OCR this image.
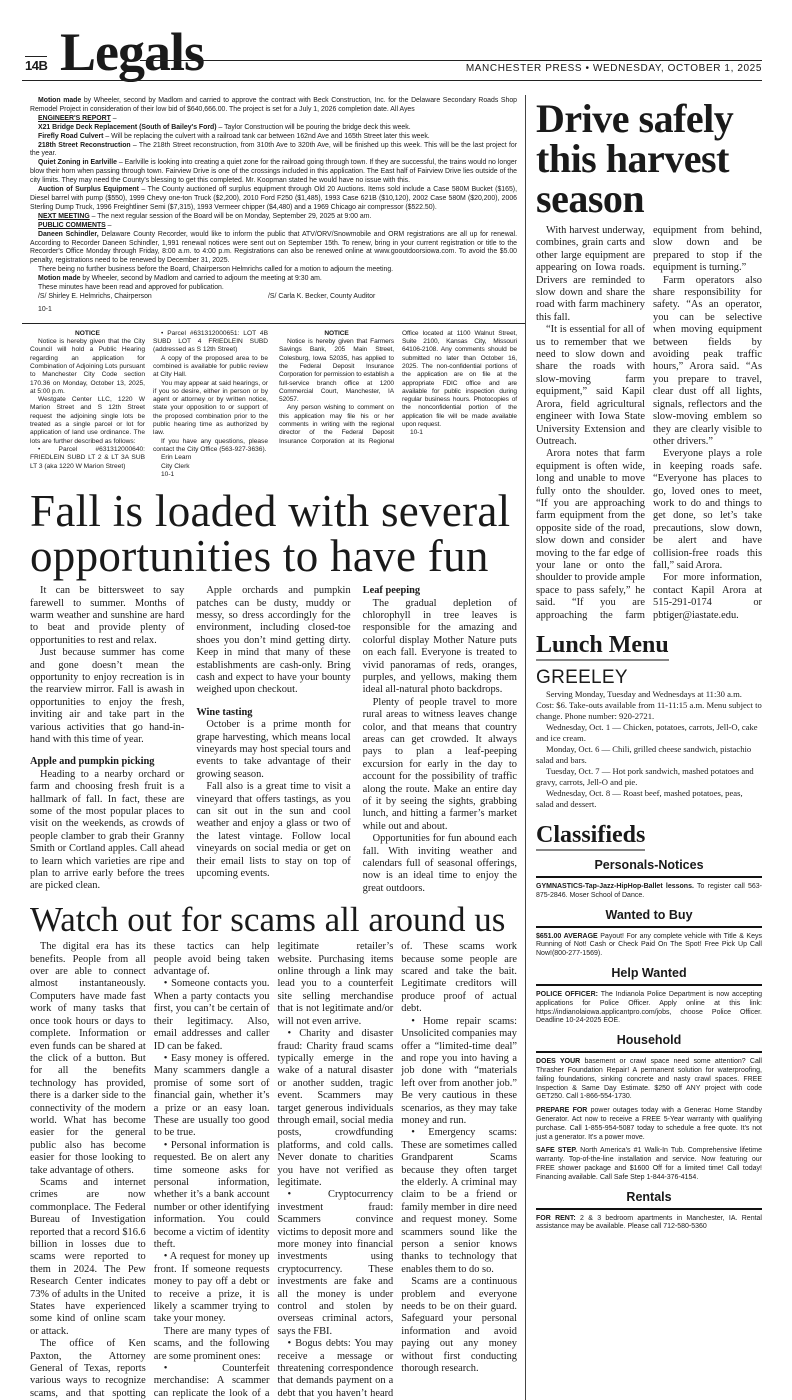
14B Legals	MANCHESTER PRESS • WEDNESDAY, OCTOBER 1, 2025

Motion made by Wheeler, second by Madlom and carried to approve the contract with Beck Construction, Inc. for the Delaware Secondary Roads Shop Remodel Project in consideration of their low bid of $640,666.00. The project is set for a July 1, 2026 completion date. All Ayes

ENGINEER'S REPORT –

X21 Bridge Deck Replacement (South of Bailey's Ford) – Taylor Construction will be pouring the bridge deck this week.

Firefly Road Culvert – Will be replacing the culvert with a railroad tank car between 162nd Ave and 165th Street later this week.

218th Street Reconstruction – The 218th Street reconstruction, from 310th Ave to 320th Ave, will be finished up this week. This will be the last project for the year.

Quiet Zoning in Earlville – Earlville is looking into creating a quiet zone for the railroad going through town. If they are successful, the trains would no longer blow their horn when passing through town. Fairview Drive is one of the crossings included in this application. The East half of Fairview Drive lies outside of the city limits. They may need the County's blessing to get this completed. Mr. Koopman stated he would have no issue with this.

Auction of Surplus Equipment – The County auctioned off surplus equipment through Old 20 Auctions. Items sold include a Case 580M Bucket ($165), Diesel barrel with pump ($550), 1999 Chevy one-ton Truck ($2,200), 2010 Ford F250 ($1,485), 1993 Case 621B ($10,120), 2002 Case 580M ($20,200), 2006 Sterling Dump Truck, 1996 Freightliner Semi ($7,315), 1993 Vermeer chipper ($4,480) and a 1969 Chicago air compressor ($522.50).

NEXT MEETING – The next regular session of the Board will be on Monday, September 29, 2025 at 9:00 am.

PUBLIC COMMENTS –

Daneen Schindler, Delaware County Recorder, would like to inform the public that ATV/ORV/Snowmobile and ORM registrations are all up for renewal. According to Recorder Daneen Schindler, 1,991 renewal notices were sent out on September 15th. To renew, bring in your current registration or title to the Recorder's Office Monday through Friday, 8:00 a.m. to 4:00 p.m. Registrations can also be renewed online at www.gooutdoorsiowa.com. To avoid the $5.00 penalty, registrations need to be renewed by December 31, 2025.

There being no further business before the Board, Chairperson Helmrichs called for a motion to adjourn the meeting.

Motion made by Wheeler, second by Madlom and carried to adjourn the meeting at 9:30 am.

These minutes have been read and approved for publication.

/S/ Shirley E. Helmrichs, Chairperson	/S/ Carla K. Becker, County Auditor

10-1

NOTICE

Notice is hereby given that the City Council will hold a Public Hearing regarding an application for Combination of Adjoining Lots pursuant to Manchester City Code section 170.36 on Monday, October 13, 2025, at 5:00 p.m.

Westgate Center LLC, 1220 W Marion Street and S 12th Street request the adjoining single lots be treated as a single parcel or lot for application of land use ordinance. The lots are further described as follows:

• Parcel #631312000640: FRIEDLEIN SUBD LT 2 & LT 3A SUB LT 3 (aka 1220 W Marion Street)

• Parcel #631312000651: LOT 4B SUBD LOT 4 FRIEDLEIN SUBD (addressed as S 12th Street)

A copy of the proposed area to be combined is available for public review at City Hall.

You may appear at said hearings, or if you so desire, either in person or by agent or attorney or by written notice, state your opposition to or support of the proposed combination prior to the public hearing time as authorized by law.

If you have any questions, please contact the City Office (563-927-3636).

Erin Learn

City Clerk

10-1

NOTICE

Notice is hereby given that Farmers Savings Bank, 205 Main Street, Colesburg, Iowa 52035, has applied to the Federal Deposit Insurance Corporation for permission to establish a full-service branch office at 1200 Commercial Court, Manchester, IA 52057.

Any person wishing to comment on this application may file his or her comments in writing with the regional director of the Federal Deposit Insurance Corporation at its Regional Office located at 1100 Walnut Street, Suite 2100, Kansas City, Missouri 64106-2108. Any comments should be submitted no later than October 16, 2025. The non-confidential portions of the application are on file at the appropriate FDIC office and are available for public inspection during regular business hours. Photocopies of the nonconfidential portion of the application file will be made available upon request.

10-1

Fall is loaded with several opportunities to have fun

It can be bittersweet to say farewell to summer. Months of warm weather and sunshine are hard to beat and provide plenty of opportunities to rest and relax.

Just because summer has come and gone doesn’t mean the opportunity to enjoy recreation is in the rearview mirror. Fall is awash in opportunities to enjoy the fresh, inviting air and take part in the various activities that go hand-in-hand with this time of year.

Apple and pumpkin picking

Heading to a nearby orchard or farm and choosing fresh fruit is a hallmark of fall. In fact, these are some of the most popular places to visit on the weekends, as crowds of people clamber to grab their Granny Smith or Cortland apples. Call ahead to learn which varieties are ripe and plan to arrive early before the trees are picked clean.

Apple orchards and pumpkin patches can be dusty, muddy or messy, so dress accordingly for the environment, including closed-toe shoes you don’t mind getting dirty. Keep in mind that many of these establishments are cash-only. Bring cash and expect to have your bounty weighed upon checkout.

Wine tasting

October is a prime month for grape harvesting, which means local vineyards may host special tours and events to take advantage of their growing season.

Fall also is a great time to visit a vineyard that offers tastings, as you can sit out in the sun and cool weather and enjoy a glass or two of the latest vintage. Follow local vineyards on social media or get on their email lists to stay on top of upcoming events.

Leaf peeping

The gradual depletion of chlorophyll in tree leaves is responsible for the amazing and colorful display Mother Nature puts on each fall. Everyone is treated to vivid panoramas of reds, oranges, purples, and yellows, making them ideal all-natural photo backdrops.

Plenty of people travel to more rural areas to witness leaves change color, and that means that country areas can get crowded. It always pays to plan a leaf-peeping excursion for early in the day to account for the possibility of traffic along the route. Make an entire day of it by seeing the sights, grabbing lunch, and hitting a farmer’s market while out and about.

Opportunities for fun abound each fall. With inviting weather and calendars full of seasonal offerings, now is an ideal time to enjoy the great outdoors.

Watch out for scams all around us

The digital era has its benefits. People from all over are able to connect almost instantaneously. Computers have made fast work of many tasks that once took hours or days to complete. Information or even funds can be shared at the click of a button. But for all the benefits technology has provided, there is a darker side to the connectivity of the modern world. What has become easier for the general public also has become easier for those looking to take advantage of others.

Scams and internet crimes are now commonplace. The Federal Bureau of Investigation reported that a record $16.6 billion in losses due to scams were reported to them in 2024. The Pew Research Center indicates 73% of adults in the United States have experienced some kind of online scam or attack.

The office of Ken Paxton, the Attorney General of Texas, reports various ways to recognize scams, and that spotting these tactics can help people avoid being taken advantage of.

• Someone contacts you. When a party contacts you first, you can’t be certain of their legitimacy. Also, email addresses and caller ID can be faked.

• Easy money is offered. Many scammers dangle a promise of some sort of financial gain, whether it’s a prize or an easy loan. These are usually too good to be true.

• Personal information is requested. Be on alert any time someone asks for personal information, whether it’s a bank account number or other identifying information. You could become a victim of identity theft.

• A request for money up front. If someone requests money to pay off a debt or to receive a prize, it is likely a scammer trying to take your money.

There are many types of scams, and the following are some prominent ones:

• Counterfeit merchandise: A scammer can replicate the look of a legitimate retailer’s website. Purchasing items online through a link may lead you to a counterfeit site selling merchandise that is not legitimate and/or will not even arrive.

• Charity and disaster fraud: Charity fraud scams typically emerge in the wake of a natural disaster or another sudden, tragic event. Scammers may target generous individuals through email, social media posts, crowdfunding platforms, and cold calls. Never donate to charities you have not verified as legitimate.

• Cryptocurrency investment fraud: Scammers convince victims to deposit more and more money into financial investments using cryptocurrency. These investments are fake and all the money is under control and stolen by overseas criminal actors, says the FBI.

• Bogus debts: You may receive a message or threatening correspondence that demands payment on a debt that you haven’t heard of. These scams work because some people are scared and take the bait. Legitimate creditors will produce proof of actual debt.

• Home repair scams: Unsolicited companies may offer a “limited-time deal” and rope you into having a job done with “materials left over from another job.” Be very cautious in these scenarios, as they may take money and run.

• Emergency scams: These are sometimes called Grandparent Scams because they often target the elderly. A criminal may claim to be a friend or family member in dire need and request money. Some scammers sound like the person a senior knows thanks to technology that enables them to do so.

Scams are a continuous problem and everyone needs to be on their guard. Safeguard your personal information and avoid paying out any money without first conducting thorough research.

Drive safely this harvest season

With harvest underway, combines, grain carts and other large equipment are appearing on Iowa roads. Drivers are reminded to slow down and share the road with farm machinery this fall.

“It is essential for all of us to remember that we need to slow down and share the roads with slow-moving farm equipment,” said Kapil Arora, field agricultural engineer with Iowa State University Extension and Outreach.

Arora notes that farm equipment is often wide, long and unable to move fully onto the shoulder. “If you are approaching farm equipment from the opposite side of the road, slow down and consider moving to the far edge of your lane or onto the shoulder to provide ample space to pass safely,” he said. “If you are approaching the farm equipment from behind, slow down and be prepared to stop if the equipment is turning.”

Farm operators also share responsibility for safety. “As an operator, you can be selective when moving equipment between fields by avoiding peak traffic hours,” Arora said. “As you prepare to travel, clear dust off all lights, signals, reflectors and the slow-moving emblem so they are clearly visible to other drivers.”

Everyone plays a role in keeping roads safe. “Everyone has places to go, loved ones to meet, work to do and things to get done, so let’s take precautions, slow down, be alert and have collision-free roads this fall,” said Arora.

For more information, contact Kapil Arora at 515-291-0174 or pbtiger@iastate.edu.

Lunch Menu
GREELEY

Serving Monday, Tuesday and Wednesdays at 11:30 a.m. Cost: $6. Take-outs available from 11-11:15 a.m. Menu subject to change. Phone number: 920-2721.

Wednesday, Oct. 1 — Chicken, potatoes, carrots, Jell-O, cake and ice cream.

Monday, Oct. 6 — Chili, grilled cheese sandwich, pistachio salad and bars.

Tuesday, Oct. 7 — Hot pork sandwich, mashed potatoes and gravy, carrots, Jell-O and pie.

Wednesday, Oct. 8 — Roast beef, mashed potatoes, peas, salad and dessert.

Classifieds
Personals-Notices

GYMNASTICS-Tap-Jazz-HipHop-Ballet lessons. To register call 563-875-2846. Moser School of Dance.

Wanted to Buy

$651.00 AVERAGE Payout! For any complete vehicle with Title & Keys Running of Not! Cash or Check Paid On The Spot! Free Pick Up Call Now!(800-277-1569).

Help Wanted

POLICE OFFICER: The Indianola Police Department is now accepting applications for Police Officer. Apply online at this link: https://indianolaiowa.applicantpro.com/jobs, choose Police Officer. Deadline 10-24-2025 EOE.

Household

DOES YOUR basement or crawl space need some attention? Call Thrasher Foundation Repair! A permanent solution for waterproofing, failing foundations, sinking concrete and nasty crawl spaces. FREE Inspection & Same Day Estimate. $250 off ANY project with code GET250. Call 1-866-554-1730.

PREPARE FOR power outages today with a Generac Home Standby Generator. Act now to receive a FREE 5-Year warranty with qualifying purchase. Call 1-855-954-5087 today to schedule a free quote. It's not just a generator. It's a power move.

SAFE STEP. North America's #1 Walk-In Tub. Comprehensive lifetime warranty. Top-of-the-line installation and service. Now featuring our FREE shower package and $1600 Off for a limited time! Call today! Financing available. Call Safe Step 1-844-376-4154.

Rentals

FOR RENT: 2 & 3 bedroom apartments in Manchester, IA. Rental assistance may be available. Please call 712-580-5360
